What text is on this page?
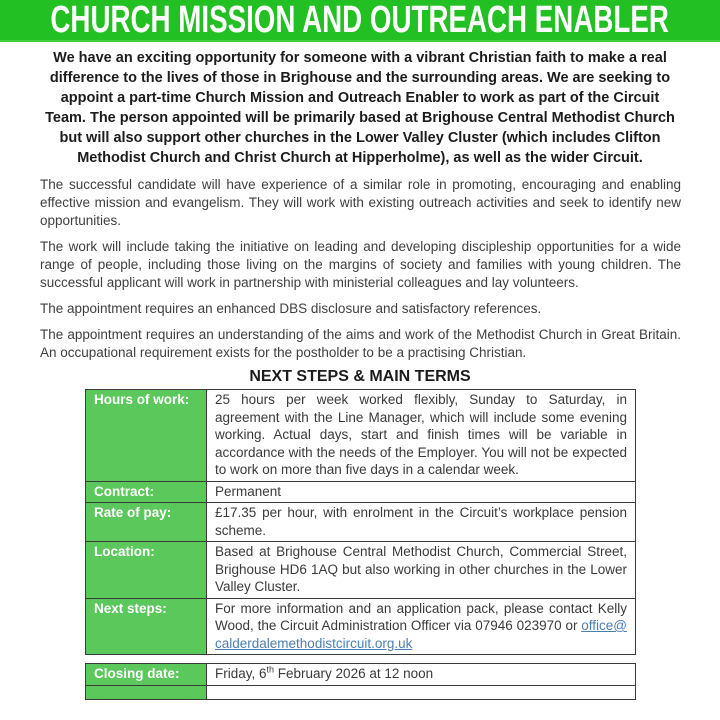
CHURCH MISSION AND OUTREACH ENABLER

We have an exciting opportunity for someone with a vibrant Christian faith to make a real difference to the lives of those in Brighouse and the surrounding areas. We are seeking to appoint a part-time Church Mission and Outreach Enabler to work as part of the Circuit Team. The person appointed will be primarily based at Brighouse Central Methodist Church but will also support other churches in the Lower Valley Cluster (which includes Clifton Methodist Church and Christ Church at Hipperholme), as well as the wider Circuit.

The successful candidate will have experience of a similar role in promoting, encouraging and enabling effective mission and evangelism. They will work with existing outreach activities and seek to identify new opportunities.

The work will include taking the initiative on leading and developing discipleship opportunities for a wide range of people, including those living on the margins of society and families with young children. The successful applicant will work in partnership with ministerial colleagues and lay volunteers.

The appointment requires an enhanced DBS disclosure and satisfactory references.

The appointment requires an understanding of the aims and work of the Methodist Church in Great Britain. An occupational requirement exists for the postholder to be a practising Christian.

NEXT STEPS & MAIN TERMS
Hours of work:	25 hours per week worked flexibly, Sunday to Saturday, in agreement with the Line Manager, which will include some evening working. Actual days, start and finish times will be variable in accordance with the needs of the Employer. You will not be expected to work on more than five days in a calendar week.
Contract:	Permanent
Rate of pay:	£17.35 per hour, with enrolment in the Circuit’s workplace pension scheme.
Location:	Based at Brighouse Central Methodist Church, Commercial Street, Brighouse HD6 1AQ but also working in other churches in the Lower Valley Cluster.
Next steps:	For more information and an application pack, please contact Kelly Wood, the Circuit Administration Officer via 07946 023970 or office@calderdalemethodistcircuit.org.uk
Closing date:	Friday, 6th February 2026 at 12 noon
